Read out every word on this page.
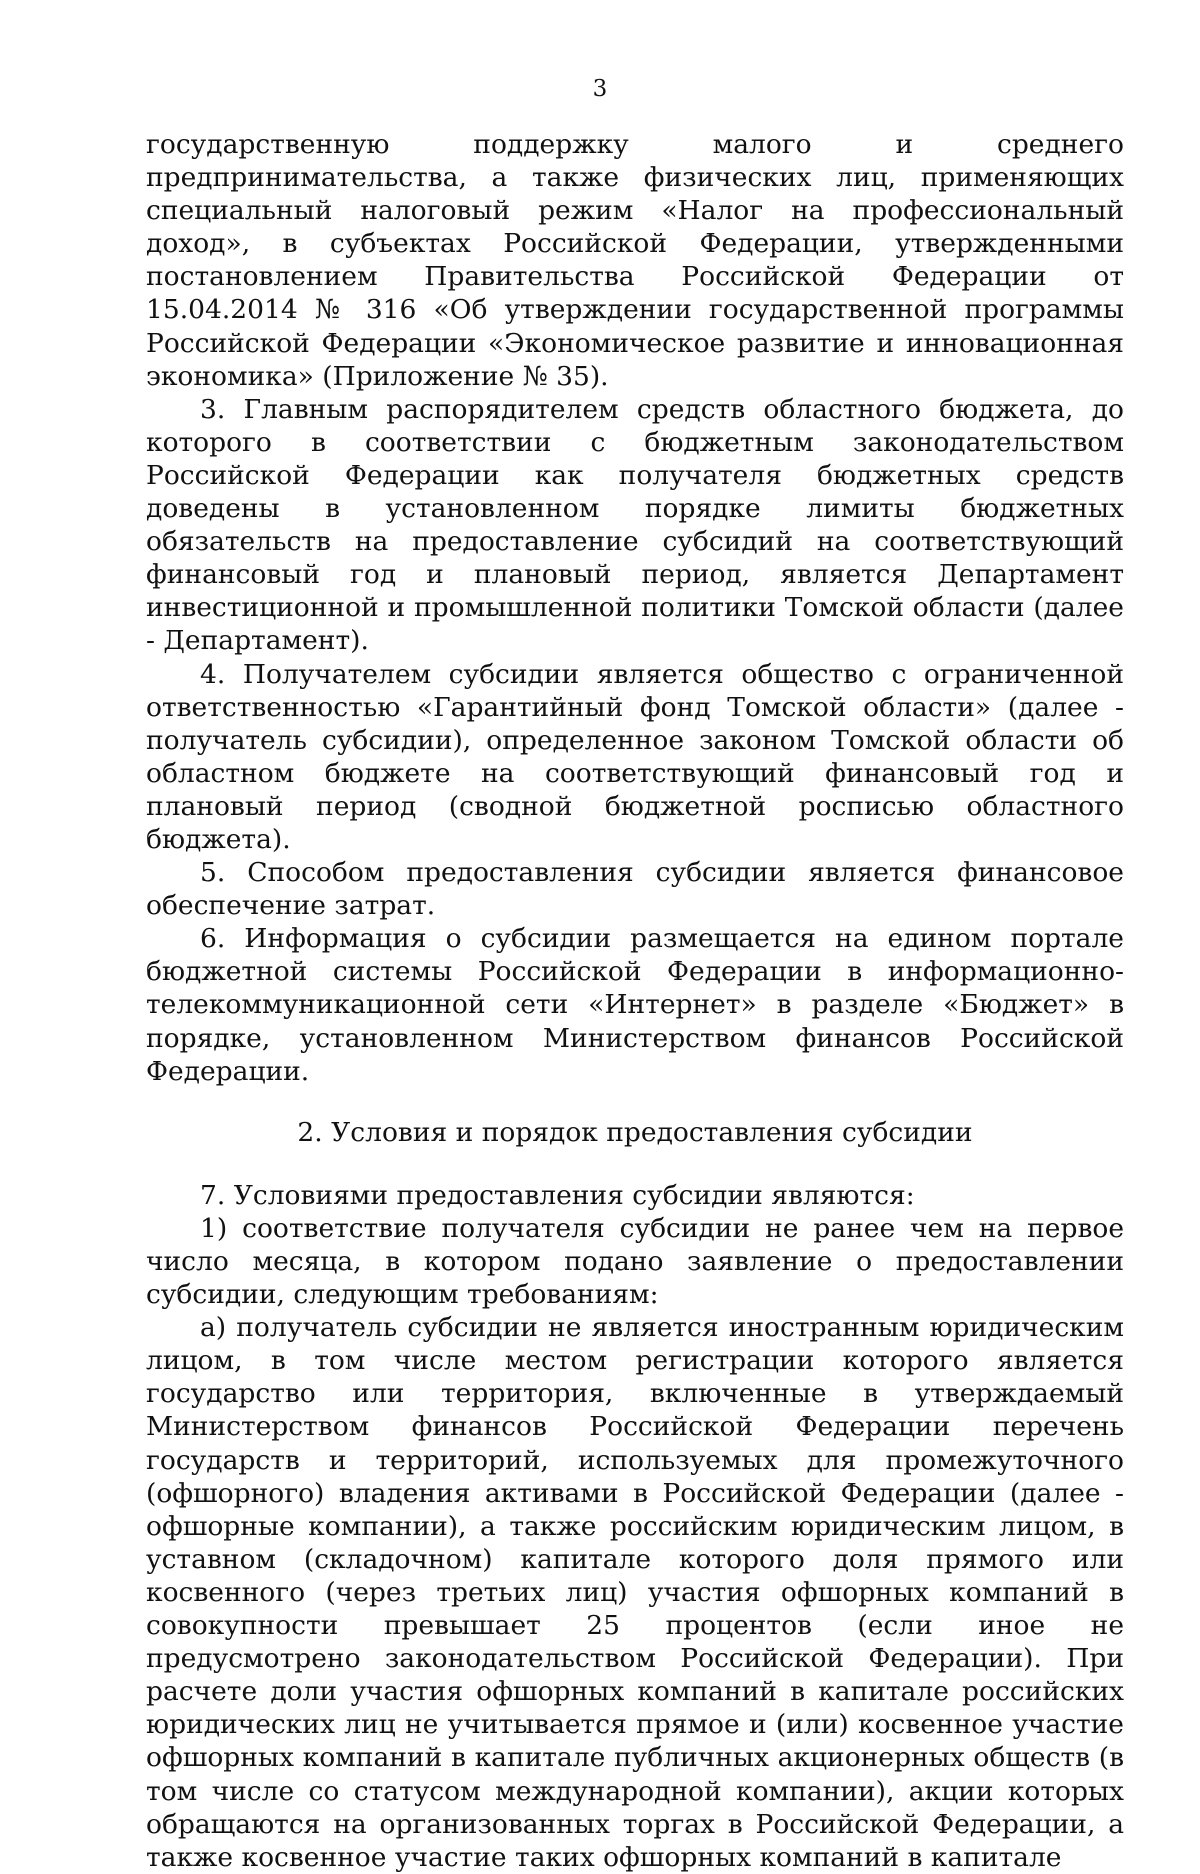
3

государственную поддержку малого и среднего предпринимательства, а также физических лиц, применяющих специальный налоговый режим «Налог на профессиональный доход», в субъектах Российской Федерации, утвержденными постановлением Правительства Российской Федерации от 15.04.2014 № 316 «Об утверждении государственной программы Российской Федерации «Экономическое развитие и инновационная экономика» (Приложение № 35).

3. Главным распорядителем средств областного бюджета, до которого в соответствии с бюджетным законодательством Российской Федерации как получателя бюджетных средств доведены в установленном порядке лимиты бюджетных обязательств на предоставление субсидий на соответствующий финансовый год и плановый период, является Департамент инвестиционной и промышленной политики Томской области (далее - Департамент).

4. Получателем субсидии является общество с ограниченной ответственностью «Гарантийный фонд Томской области» (далее - получатель субсидии), определенное законом Томской области об областном бюджете на соответствующий финансовый год и плановый период (сводной бюджетной росписью областного бюджета).

5. Способом предоставления субсидии является финансовое обеспечение затрат.

6. Информация о субсидии размещается на едином портале бюджетной системы Российской Федерации в информационно-телекоммуникационной сети «Интернет» в разделе «Бюджет» в порядке, установленном Министерством финансов Российской Федерации.

2. Условия и порядок предоставления субсидии

7. Условиями предоставления субсидии являются:

1) соответствие получателя субсидии не ранее чем на первое число месяца, в котором подано заявление о предоставлении субсидии, следующим требованиям:

а) получатель субсидии не является иностранным юридическим лицом, в том числе местом регистрации которого является государство или территория, включенные в утверждаемый Министерством финансов Российской Федерации перечень государств и территорий, используемых для промежуточного (офшорного) владения активами в Российской Федерации (далее - офшорные компании), а также российским юридическим лицом, в уставном (складочном) капитале которого доля прямого или косвенного (через третьих лиц) участия офшорных компаний в совокупности превышает 25 процентов (если иное не предусмотрено законодательством Российской Федерации). При расчете доли участия офшорных компаний в капитале российских юридических лиц не учитывается прямое и (или) косвенное участие офшорных компаний в капитале публичных акционерных обществ (в том числе со статусом международной компании), акции которых обращаются на организованных торгах в Российской Федерации, а также косвенное участие таких офшорных компаний в капитале
